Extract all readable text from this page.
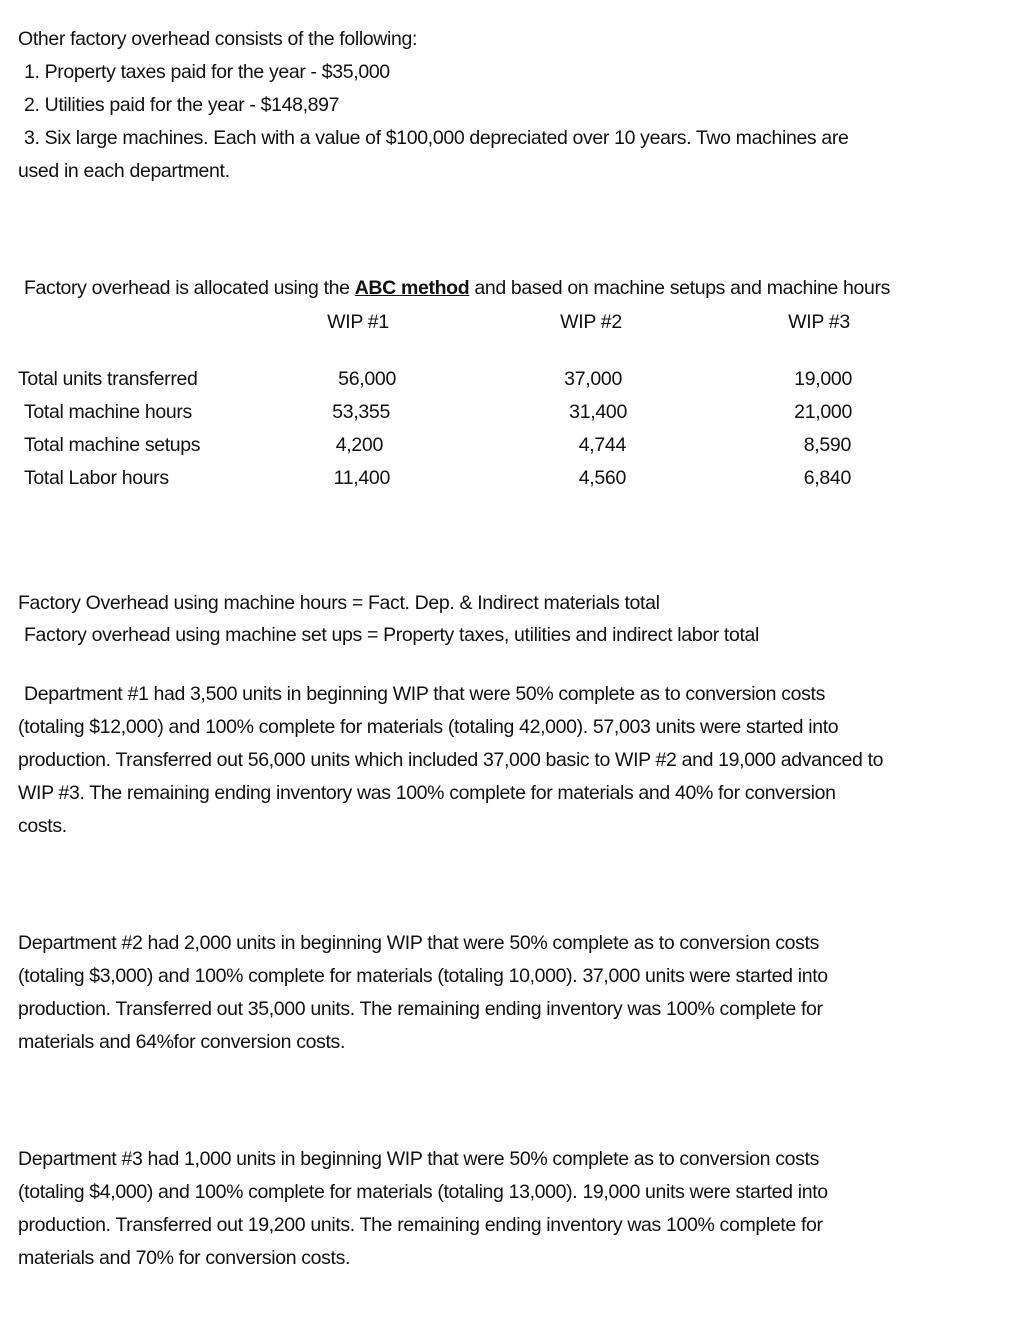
Other factory overhead consists of the following:
1. Property taxes paid for the year - $35,000
2. Utilities paid for the year - $148,897
3. Six large machines. Each with a value of $100,000 depreciated over 10 years. Two machines are
used in each department.
Factory overhead is allocated using the ABC method and based on machine setups and machine hours
WIP #1	WIP #2	WIP #3
Total units transferred	56,000	37,000	19,000
Total machine hours	53,355	31,400	21,000
Total machine setups	4,200	4,744	8,590
Total Labor hours	11,400	4,560	6,840
Factory Overhead using machine hours = Fact. Dep. & Indirect materials total
Factory overhead using machine set ups = Property taxes, utilities and indirect labor total
Department #1 had 3,500 units in beginning WIP that were 50% complete as to conversion costs
(totaling $12,000) and 100% complete for materials (totaling 42,000). 57,003 units were started into
production. Transferred out 56,000 units which included 37,000 basic to WIP #2 and 19,000 advanced to
WIP #3. The remaining ending inventory was 100% complete for materials and 40% for conversion
costs.
Department #2 had 2,000 units in beginning WIP that were 50% complete as to conversion costs
(totaling $3,000) and 100% complete for materials (totaling 10,000). 37,000 units were started into
production. Transferred out 35,000 units. The remaining ending inventory was 100% complete for
materials and 64%for conversion costs.
Department #3 had 1,000 units in beginning WIP that were 50% complete as to conversion costs
(totaling $4,000) and 100% complete for materials (totaling 13,000). 19,000 units were started into
production. Transferred out 19,200 units. The remaining ending inventory was 100% complete for
materials and 70% for conversion costs.
